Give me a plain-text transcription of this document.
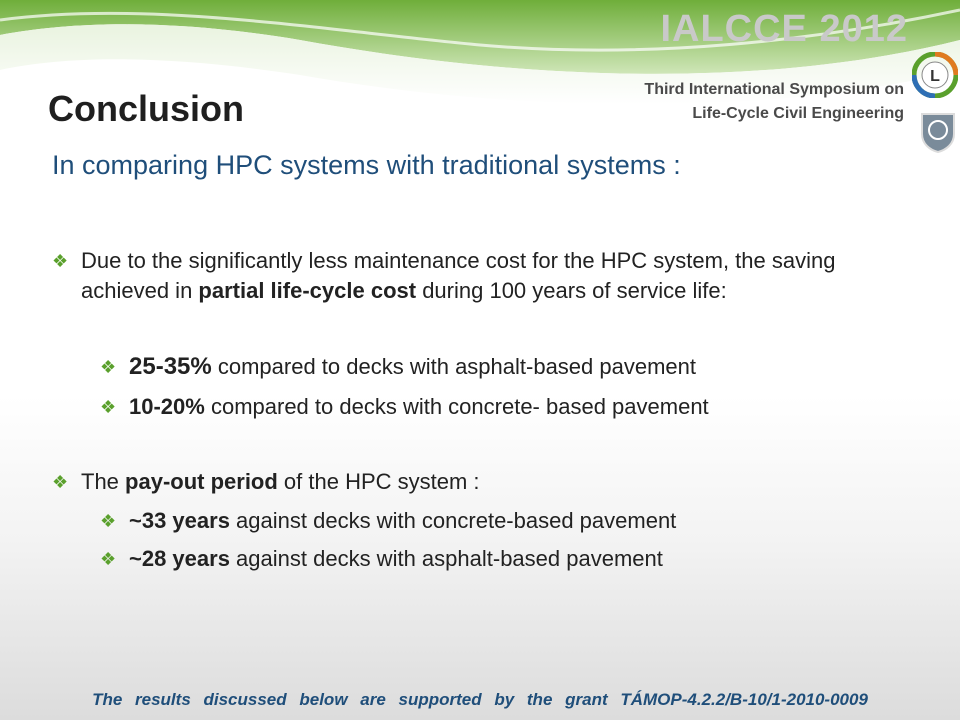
IALCCE 2012
Third International Symposium on
Life-Cycle Civil Engineering
L
Conclusion
In comparing HPC systems with traditional systems :
❖ Due to the significantly less maintenance cost for the HPC system, the saving achieved in partial life-cycle cost during 100 years of service life:
❖ 25-35% compared to decks with asphalt-based pavement
❖ 10-20% compared to decks with concrete- based pavement
❖ The pay-out period of the HPC system :
❖ ~33 years against decks with concrete-based pavement
❖ ~28 years against decks with asphalt-based pavement
The results discussed below are supported by the grant TÁMOP-4.2.2/B-10/1-2010-0009
